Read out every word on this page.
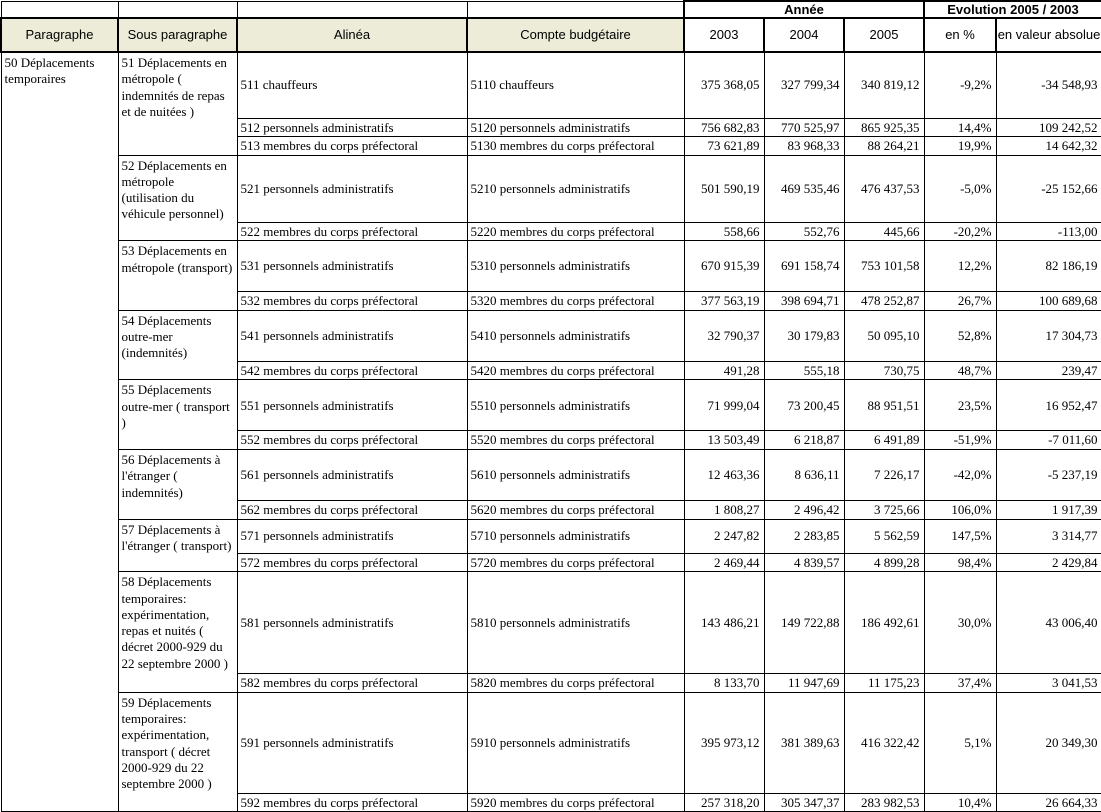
				Année			Evolution 2005 / 2003	
Paragraphe	Sous paragraphe	Alinéa	Compte budgétaire	2003	2004	2005	en %	en valeur absolue
50 Déplacements temporaires	51 Déplacements en métropole ( indemnités de repas et de nuitées )	511 chauffeurs	5110 chauffeurs	375 368,05	327 799,34	340 819,12	-9,2%	-34 548,93
		512 personnels administratifs	5120 personnels administratifs	756 682,83	770 525,97	865 925,35	14,4%	109 242,52
		513 membres du corps préfectoral	5130 membres du corps préfectoral	73 621,89	83 968,33	88 264,21	19,9%	14 642,32
	52 Déplacements en métropole (utilisation du véhicule personnel)	521 personnels administratifs	5210 personnels administratifs	501 590,19	469 535,46	476 437,53	-5,0%	-25 152,66
		522 membres du corps préfectoral	5220 membres du corps préfectoral	558,66	552,76	445,66	-20,2%	-113,00
	53 Déplacements en métropole (transport)	531 personnels administratifs	5310 personnels administratifs	670 915,39	691 158,74	753 101,58	12,2%	82 186,19
		532 membres du corps préfectoral	5320 membres du corps préfectoral	377 563,19	398 694,71	478 252,87	26,7%	100 689,68
	54 Déplacements outre-mer (indemnités)	541 personnels administratifs	5410 personnels administratifs	32 790,37	30 179,83	50 095,10	52,8%	17 304,73
		542 membres du corps préfectoral	5420 membres du corps préfectoral	491,28	555,18	730,75	48,7%	239,47
	55 Déplacements outre-mer ( transport )	551 personnels administratifs	5510 personnels administratifs	71 999,04	73 200,45	88 951,51	23,5%	16 952,47
		552 membres du corps préfectoral	5520 membres du corps préfectoral	13 503,49	6 218,87	6 491,89	-51,9%	-7 011,60
	56 Déplacements à l'étranger ( indemnités)	561 personnels administratifs	5610 personnels administratifs	12 463,36	8 636,11	7 226,17	-42,0%	-5 237,19
		562 membres du corps préfectoral	5620 membres du corps préfectoral	1 808,27	2 496,42	3 725,66	106,0%	1 917,39
	57 Déplacements à l'étranger ( transport)	571 personnels administratifs	5710 personnels administratifs	2 247,82	2 283,85	5 562,59	147,5%	3 314,77
		572 membres du corps préfectoral	5720 membres du corps préfectoral	2 469,44	4 839,57	4 899,28	98,4%	2 429,84
	58 Déplacements temporaires: expérimentation, repas et nuités ( décret 2000-929 du 22 septembre 2000 )	581 personnels administratifs	5810 personnels administratifs	143 486,21	149 722,88	186 492,61	30,0%	43 006,40
		582 membres du corps préfectoral	5820 membres du corps préfectoral	8 133,70	11 947,69	11 175,23	37,4%	3 041,53
	59 Déplacements temporaires: expérimentation, transport ( décret 2000-929 du 22 septembre 2000 )	591 personnels administratifs	5910 personnels administratifs	395 973,12	381 389,63	416 322,42	5,1%	20 349,30
		592 membres du corps préfectoral	5920 membres du corps préfectoral	257 318,20	305 347,37	283 982,53	10,4%	26 664,33
